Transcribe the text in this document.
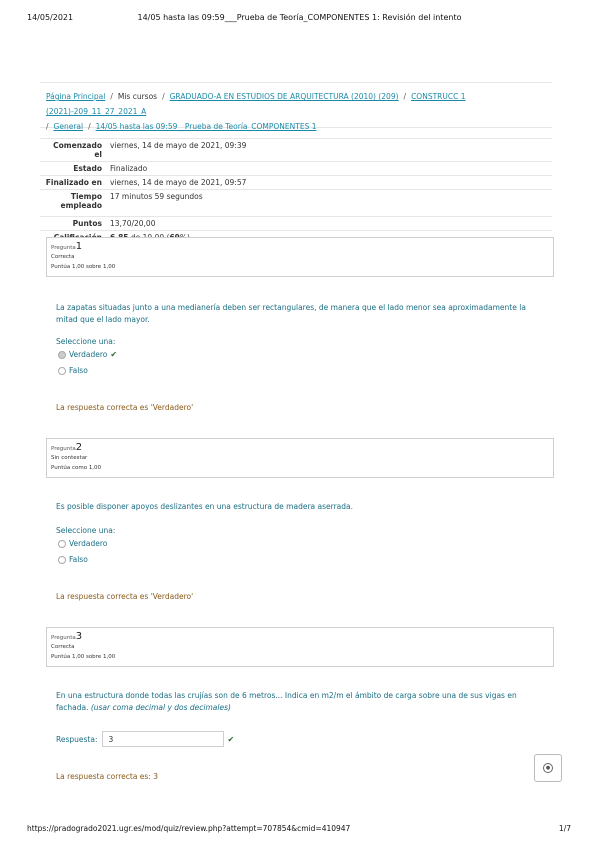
14/05/2021	14/05 hasta las 09:59___Prueba de Teoría_COMPONENTES 1: Revisión del intento
Página Principal / Mis cursos / GRADUADO-A EN ESTUDIOS DE ARQUITECTURA (2010) (209) / CONSTRUCC 1 (2021)-209_11_27_2021_A
/ General / 14/05 hasta las 09:59__Prueba de Teoría_COMPONENTES 1
Comenzado el	viernes, 14 de mayo de 2021, 09:39
Estado	Finalizado
Finalizado en	viernes, 14 de mayo de 2021, 09:57
Tiempo
empleado	17 minutos 59 segundos
Puntos	13,70/20,00

Pregunta1
Correcta
Puntúa 1,00 sobre 1,00
La zapatas situadas junto a una medianería deben ser rectangulares, de manera que el lado menor sea aproximadamente la mitad que el lado mayor.
Seleccione una:
Verdadero ✔
Falso
La respuesta correcta es 'Verdadero'
Pregunta2
Sin contestar
Puntúa como 1,00
Es posible disponer apoyos deslizantes en una estructura de madera aserrada.
Seleccione una:
Verdadero
Falso
La respuesta correcta es 'Verdadero'
Pregunta3
Correcta
Puntúa 1,00 sobre 1,00
En una estructura donde todas las crujías son de 6 metros... Indica en m2/m el ámbito de carga sobre una de sus vigas en fachada. (usar coma decimal y dos decimales)
Respuesta:
3	✔
La respuesta correcta es: 3
●
https://pradogrado2021.ugr.es/mod/quiz/review.php?attempt=707854&cmid=410947	1/7
